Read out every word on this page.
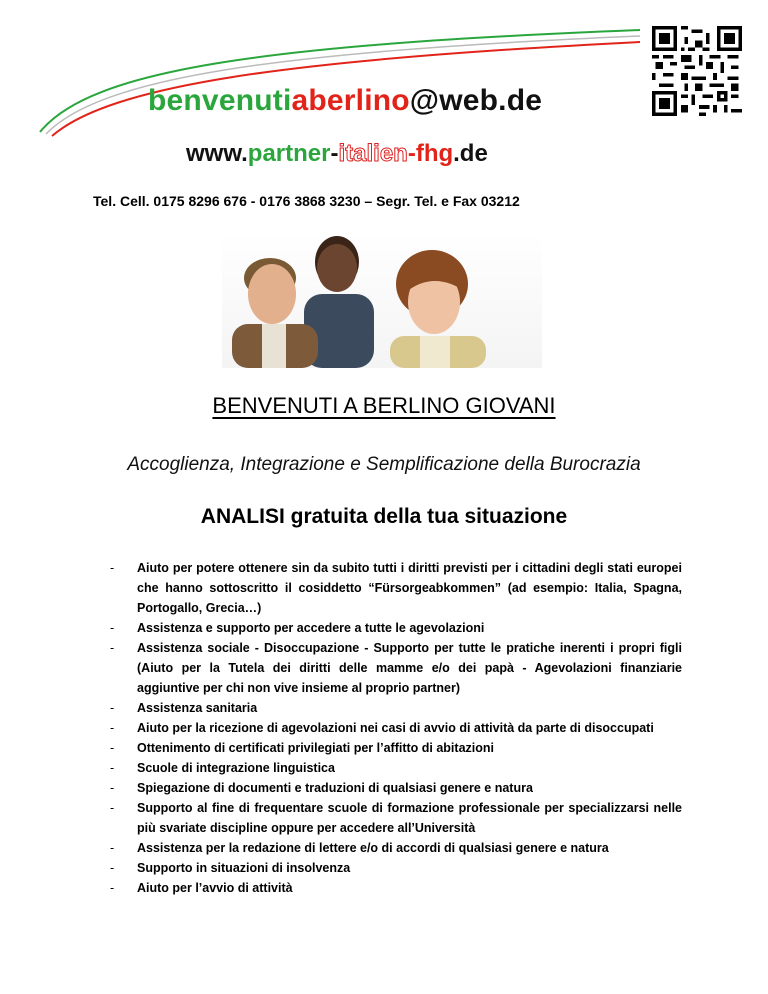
benvenutiaberlino@web.de
www.partner-italien-fhg.de
Tel. Cell. 0175 8296 676 - 0176 3868 3230 – Segr. Tel. e Fax 03212
BENVENUTI A BERLINO GIOVANI
Accoglienza, Integrazione e Semplificazione della Burocrazia
ANALISI gratuita della tua situazione
- Aiuto per potere ottenere sin da subito tutti i diritti previsti per i cittadini degli stati europei che hanno sottoscritto il cosiddetto “Fürsorgeabkommen” (ad esempio: Italia, Spagna, Portogallo, Grecia…)
- Assistenza e supporto per accedere a tutte le agevolazioni
- Assistenza sociale - Disoccupazione - Supporto per tutte le pratiche inerenti i propri figli (Aiuto per la Tutela dei diritti delle mamme e/o dei papà - Agevolazioni finanziarie aggiuntive per chi non vive insieme al proprio partner)
- Assistenza sanitaria
- Aiuto per la ricezione di agevolazioni nei casi di avvio di attività da parte di disoccupati
- Ottenimento di certificati privilegiati per l’affitto di abitazioni
- Scuole di integrazione linguistica
- Spiegazione di documenti e traduzioni di qualsiasi genere e natura
- Supporto al fine di frequentare scuole di formazione professionale per specializzarsi nelle più svariate discipline oppure per accedere all’Università
- Assistenza per la redazione di lettere e/o di accordi di qualsiasi genere e natura
- Supporto in situazioni di insolvenza
- Aiuto per l’avvio di attività
